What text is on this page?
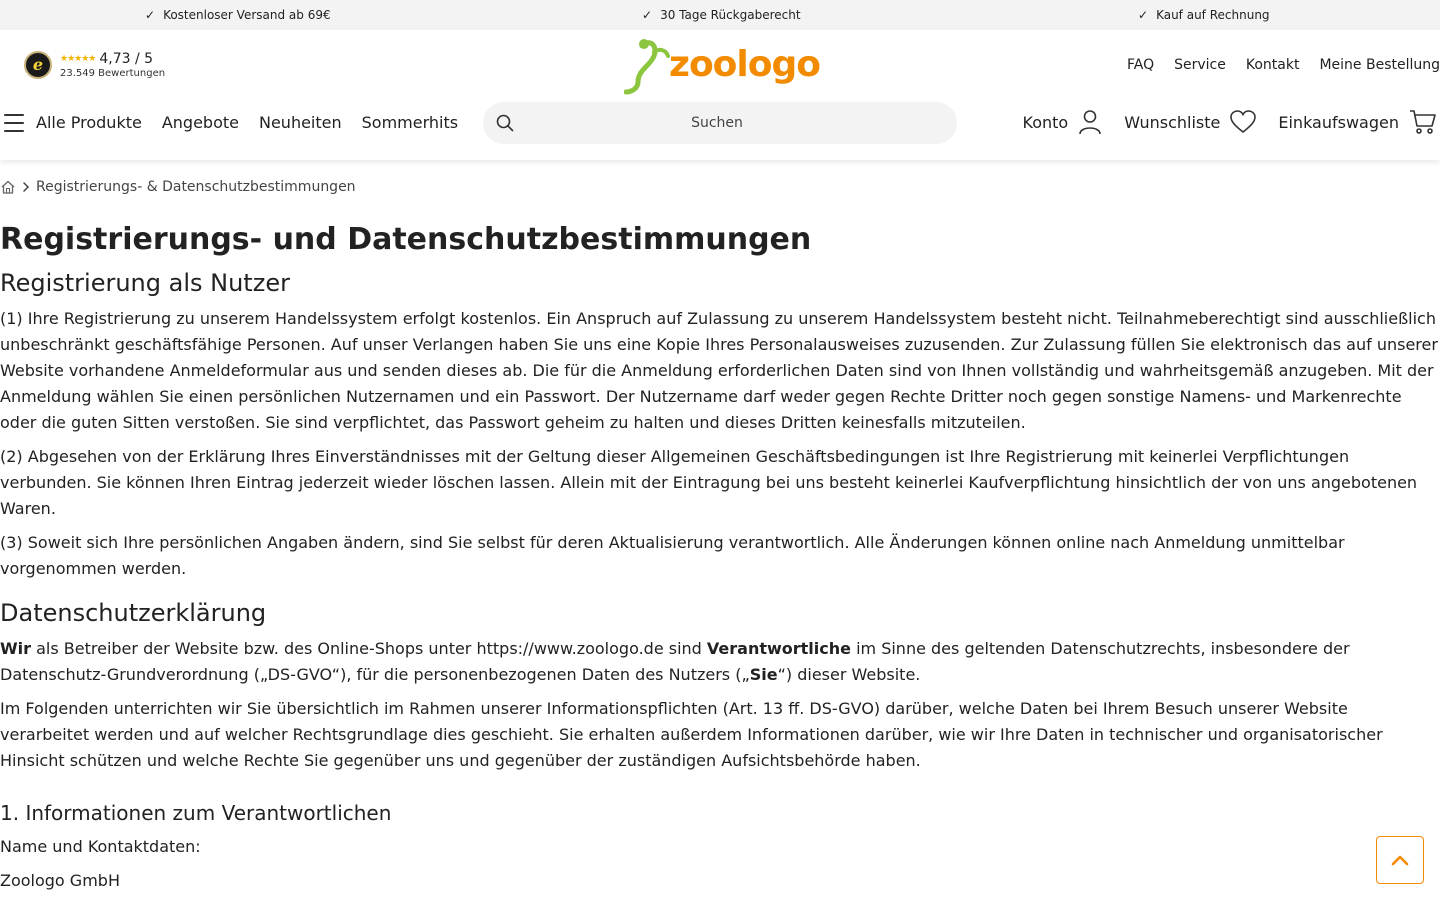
✓ Kostenloser Versand ab 69€	✓ 30 Tage Rückgaberecht	✓ Kauf auf Rechnung
e ★★★★★ 4,73 / 5
23.549 Bewertungen	zoologo	FAQ Service Kontakt Meine Bestellung
Alle Produkte Angebote Neuheiten Sommerhits
Suchen	Konto	Wunschliste	Einkaufswagen
Registrierungs- & Datenschutzbestimmungen
Registrierungs- und Datenschutzbestimmungen
Registrierung als Nutzer

(1) Ihre Registrierung zu unserem Handelssystem erfolgt kostenlos. Ein Anspruch auf Zulassung zu unserem Handelssystem besteht nicht. Teilnahmeberechtigt sind ausschließlich unbeschränkt geschäftsfähige Personen. Auf unser Verlangen haben Sie uns eine Kopie Ihres Personalausweises zuzusenden. Zur Zulassung füllen Sie elektronisch das auf unserer Website vorhandene Anmeldeformular aus und senden dieses ab. Die für die Anmeldung erforderlichen Daten sind von Ihnen vollständig und wahrheitsgemäß anzugeben. Mit der Anmeldung wählen Sie einen persönlichen Nutzernamen und ein Passwort. Der Nutzername darf weder gegen Rechte Dritter noch gegen sonstige Namens- und Markenrechte oder die guten Sitten verstoßen. Sie sind verpflichtet, das Passwort geheim zu halten und dieses Dritten keinesfalls mitzuteilen.

(2) Abgesehen von der Erklärung Ihres Einverständnisses mit der Geltung dieser Allgemeinen Geschäftsbedingungen ist Ihre Registrierung mit keinerlei Verpflichtungen verbunden. Sie können Ihren Eintrag jederzeit wieder löschen lassen. Allein mit der Eintragung bei uns besteht keinerlei Kaufverpflichtung hinsichtlich der von uns angebotenen Waren.

(3) Soweit sich Ihre persönlichen Angaben ändern, sind Sie selbst für deren Aktualisierung verantwortlich. Alle Änderungen können online nach Anmeldung unmittelbar vorgenommen werden.

Datenschutzerklärung

Wir als Betreiber der Website bzw. des Online-Shops unter https://www.zoologo.de sind Verantwortliche im Sinne des geltenden Datenschutzrechts, insbesondere der Datenschutz-Grundverordnung („DS-GVO“), für die personenbezogenen Daten des Nutzers („Sie“) dieser Website.

Im Folgenden unterrichten wir Sie übersichtlich im Rahmen unserer Informationspflichten (Art. 13 ff. DS-GVO) darüber, welche Daten bei Ihrem Besuch unserer Website verarbeitet werden und auf welcher Rechtsgrundlage dies geschieht. Sie erhalten außerdem Informationen darüber, wie wir Ihre Daten in technischer und organisatorischer Hinsicht schützen und welche Rechte Sie gegenüber uns und gegenüber der zuständigen Aufsichtsbehörde haben.

1. Informationen zum Verantwortlichen

Name und Kontaktdaten:

Zoologo GmbH
